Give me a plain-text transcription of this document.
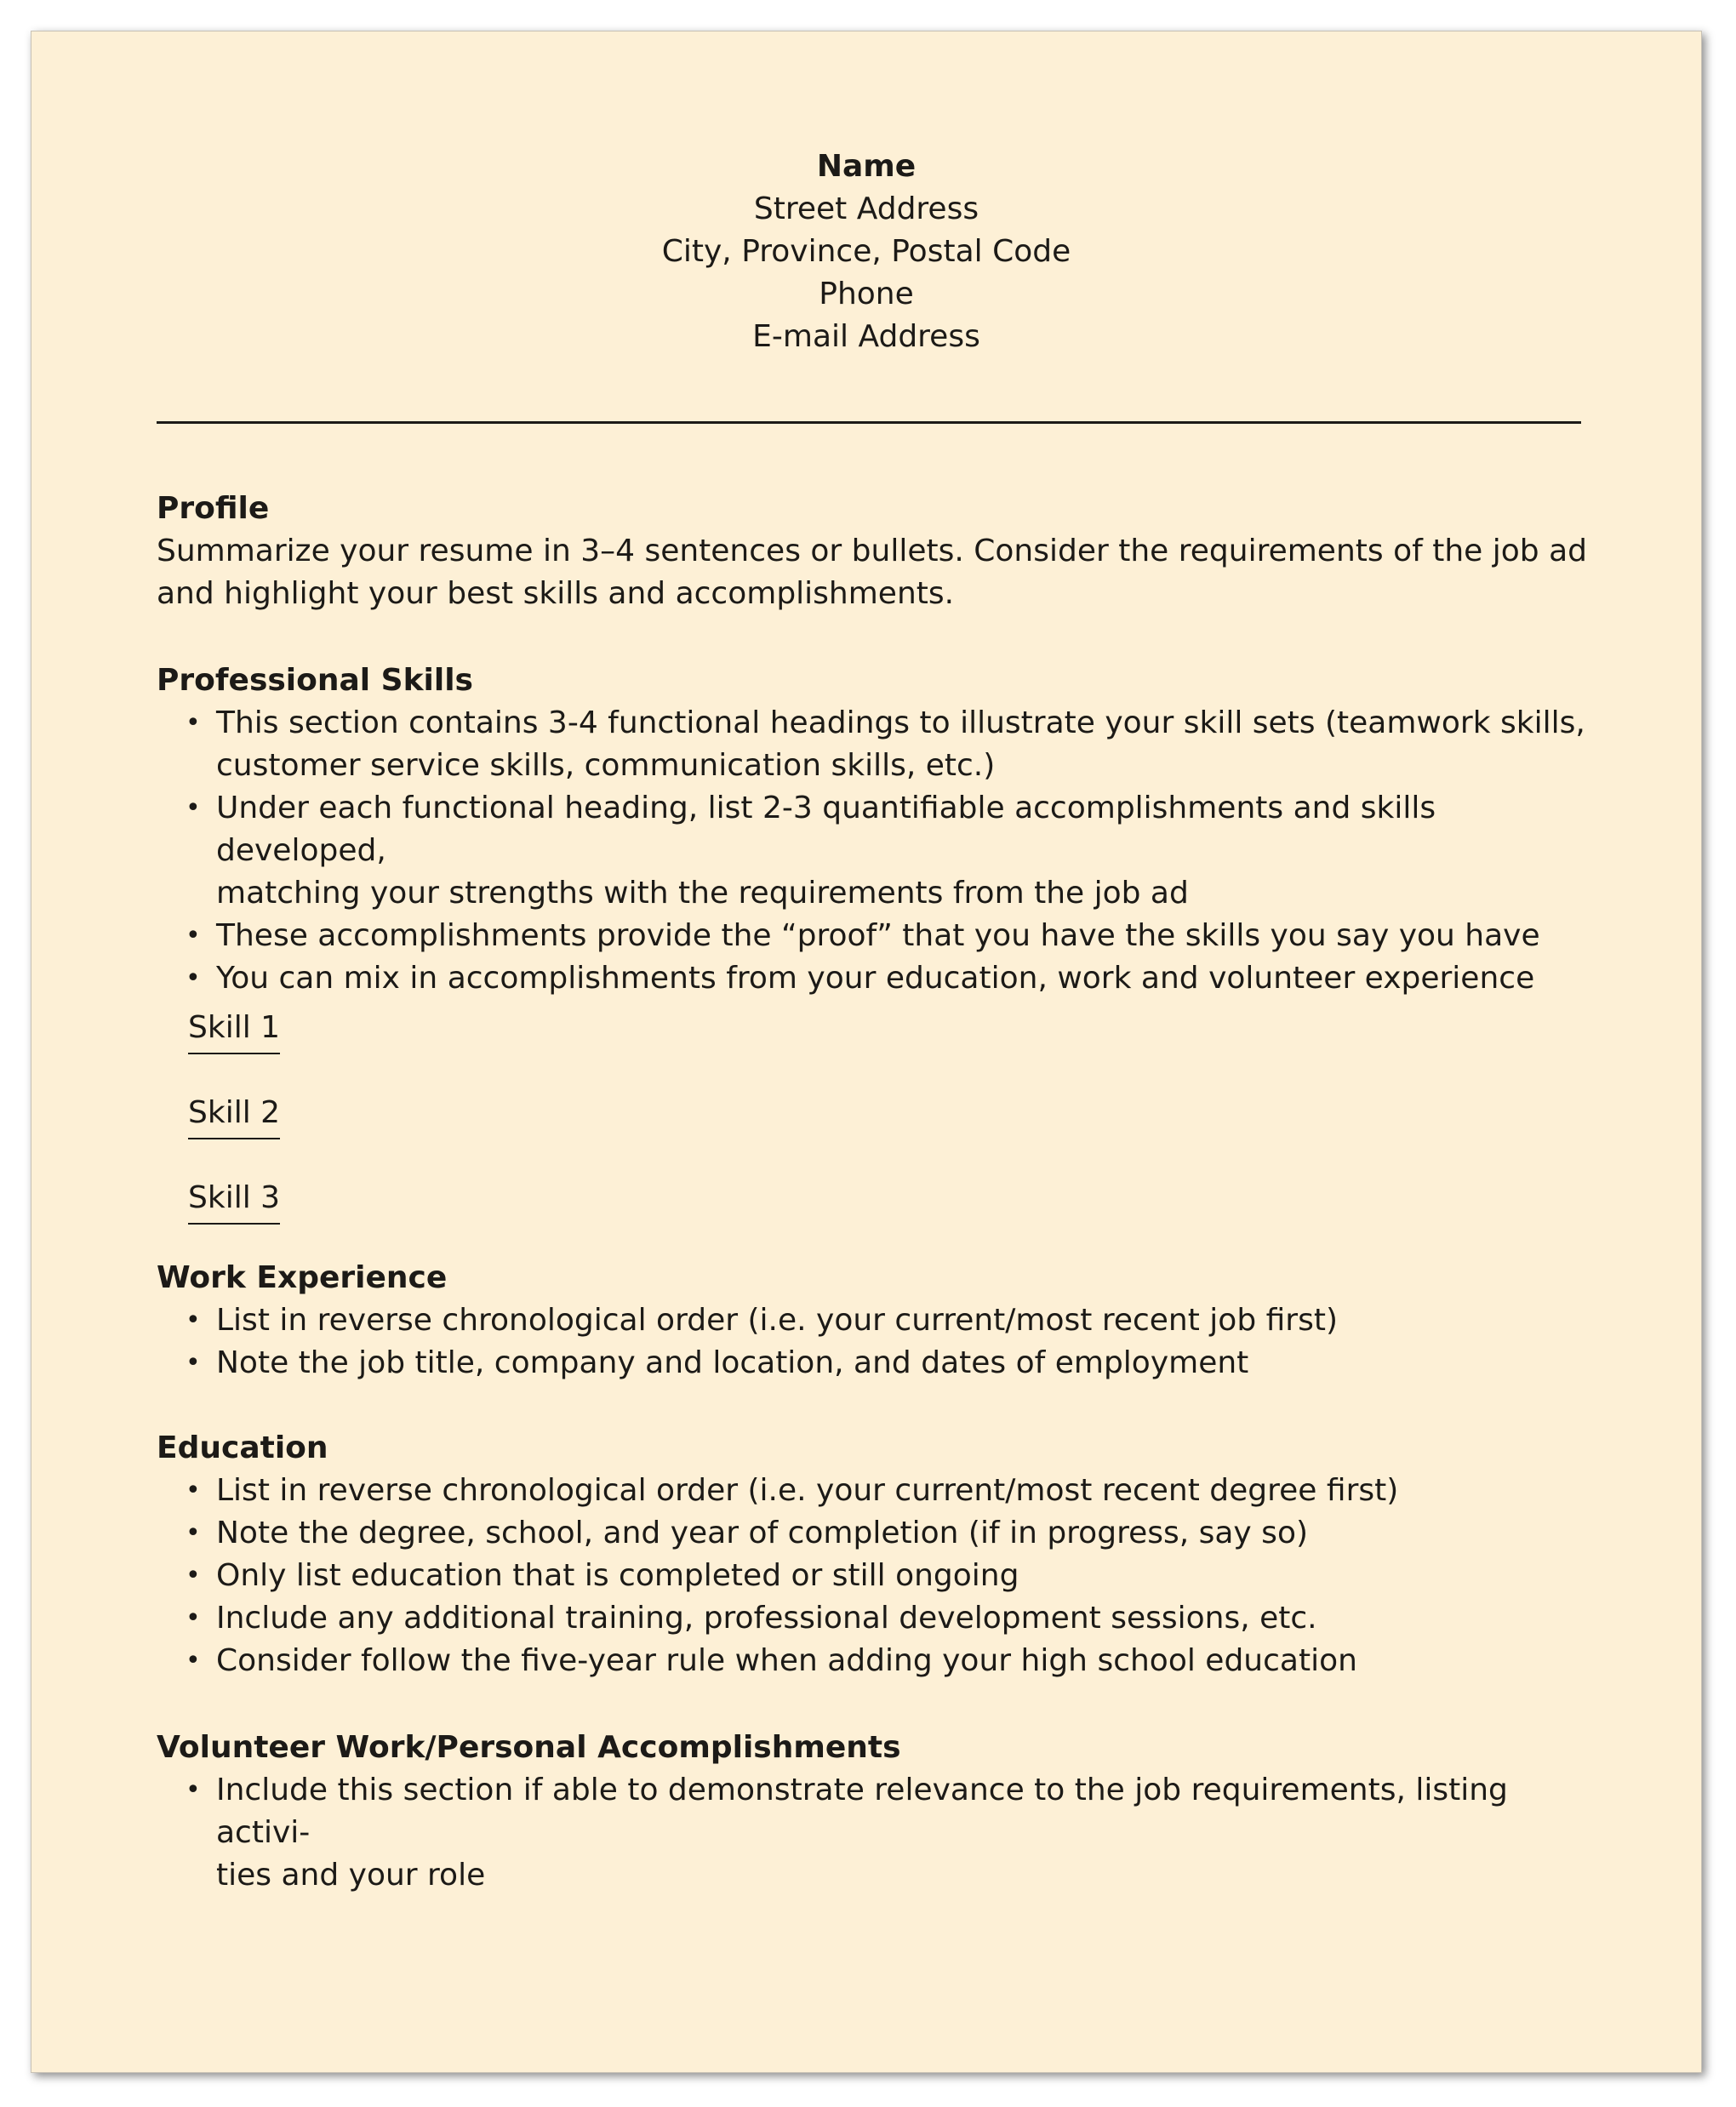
Name
Street Address
City, Province, Postal Code
Phone
E-mail Address
Profile

Summarize your resume in 3–4 sentences or bullets. Consider the requirements of the job ad

and highlight your best skills and accomplishments.

Professional Skills
• This section contains 3-4 functional headings to illustrate your skill sets (teamwork skills,
customer service skills, communication skills, etc.)
• Under each functional heading, list 2-3 quantifiable accomplishments and skills developed,
matching your strengths with the requirements from the job ad
• These accomplishments provide the “proof” that you have the skills you say you have
• You can mix in accomplishments from your education, work and volunteer experience
Skill 1
Skill 2
Skill 3
Work Experience
• List in reverse chronological order (i.e. your current/most recent job first)
• Note the job title, company and location, and dates of employment
Education
• List in reverse chronological order (i.e. your current/most recent degree first)
• Note the degree, school, and year of completion (if in progress, say so)
• Only list education that is completed or still ongoing
• Include any additional training, professional development sessions, etc.
• Consider follow the five-year rule when adding your high school education
Volunteer Work/Personal Accomplishments
• Include this section if able to demonstrate relevance to the job requirements, listing activi-
ties and your role
